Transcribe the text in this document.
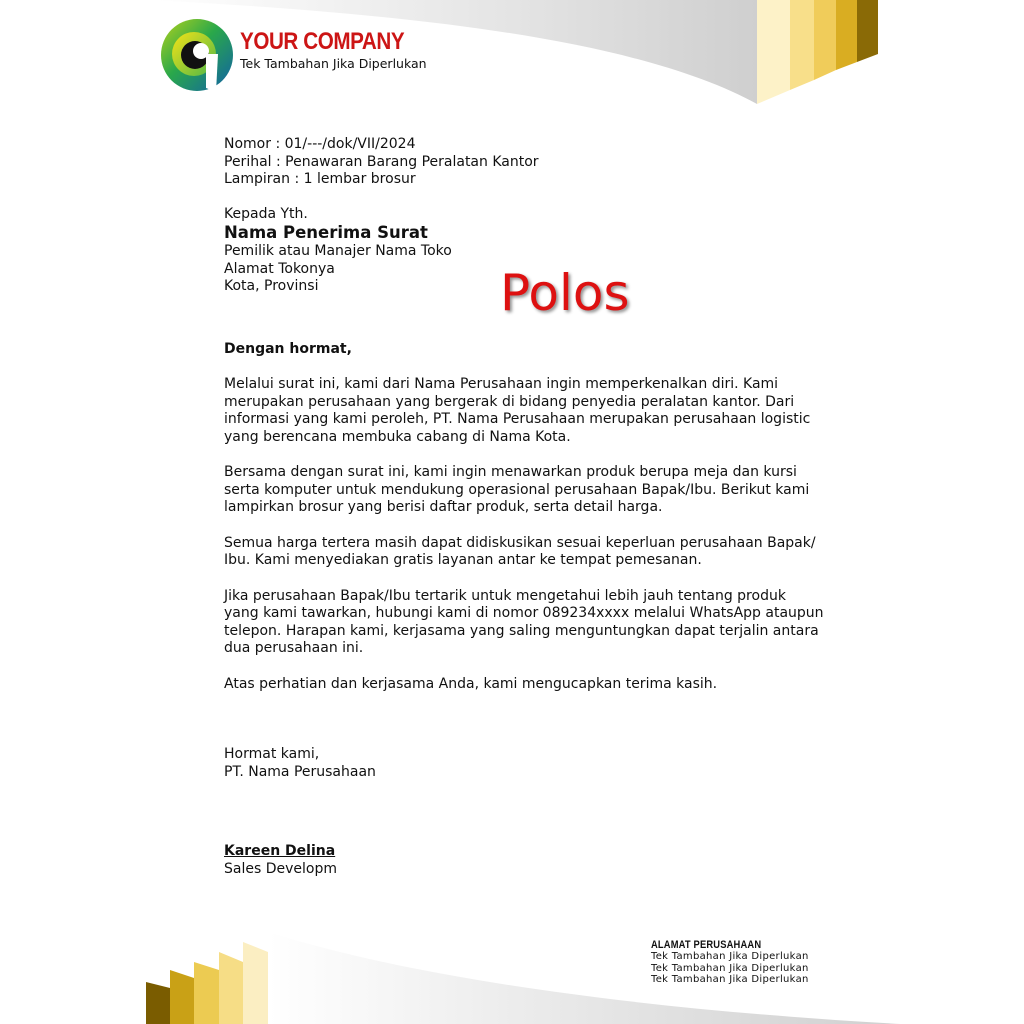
YOUR COMPANY
Tek Tambahan Jika Diperlukan

Nomor : 01/---/dok/VII/2024

Perihal : Penawaran Barang Peralatan Kantor

Lampiran : 1 lembar brosur

Kepada Yth.

Nama Penerima Surat

Pemilik atau Manajer Nama Toko

Alamat Tokonya

Kota, Provinsi

Dengan hormat,

Melalui surat ini, kami dari Nama Perusahaan ingin memperkenalkan diri. Kami merupakan perusahaan yang bergerak di bidang penyedia peralatan kantor. Dari informasi yang kami peroleh, PT. Nama Perusahaan merupakan perusahaan logistic yang berencana membuka cabang di Nama Kota.

Bersama dengan surat ini, kami ingin menawarkan produk berupa meja dan kursi serta komputer untuk mendukung operasional perusahaan Bapak/Ibu. Berikut kami lampirkan brosur yang berisi daftar produk, serta detail harga.

Semua harga tertera masih dapat didiskusikan sesuai keperluan perusahaan Bapak/ Ibu. Kami menyediakan gratis layanan antar ke tempat pemesanan.

Jika perusahaan Bapak/Ibu tertarik untuk mengetahui lebih jauh tentang produk yang kami tawarkan, hubungi kami di nomor 089234xxxx melalui WhatsApp ataupun telepon. Harapan kami, kerjasama yang saling menguntungkan dapat terjalin antara dua perusahaan ini.

Atas perhatian dan kerjasama Anda, kami mengucapkan terima kasih.

Hormat kami,

PT. Nama Perusahaan

Kareen Delina

Sales Developm

Polos
ALAMAT PERUSAHAAN
Tek Tambahan Jika Diperlukan
Tek Tambahan Jika Diperlukan
Tek Tambahan Jika Diperlukan
